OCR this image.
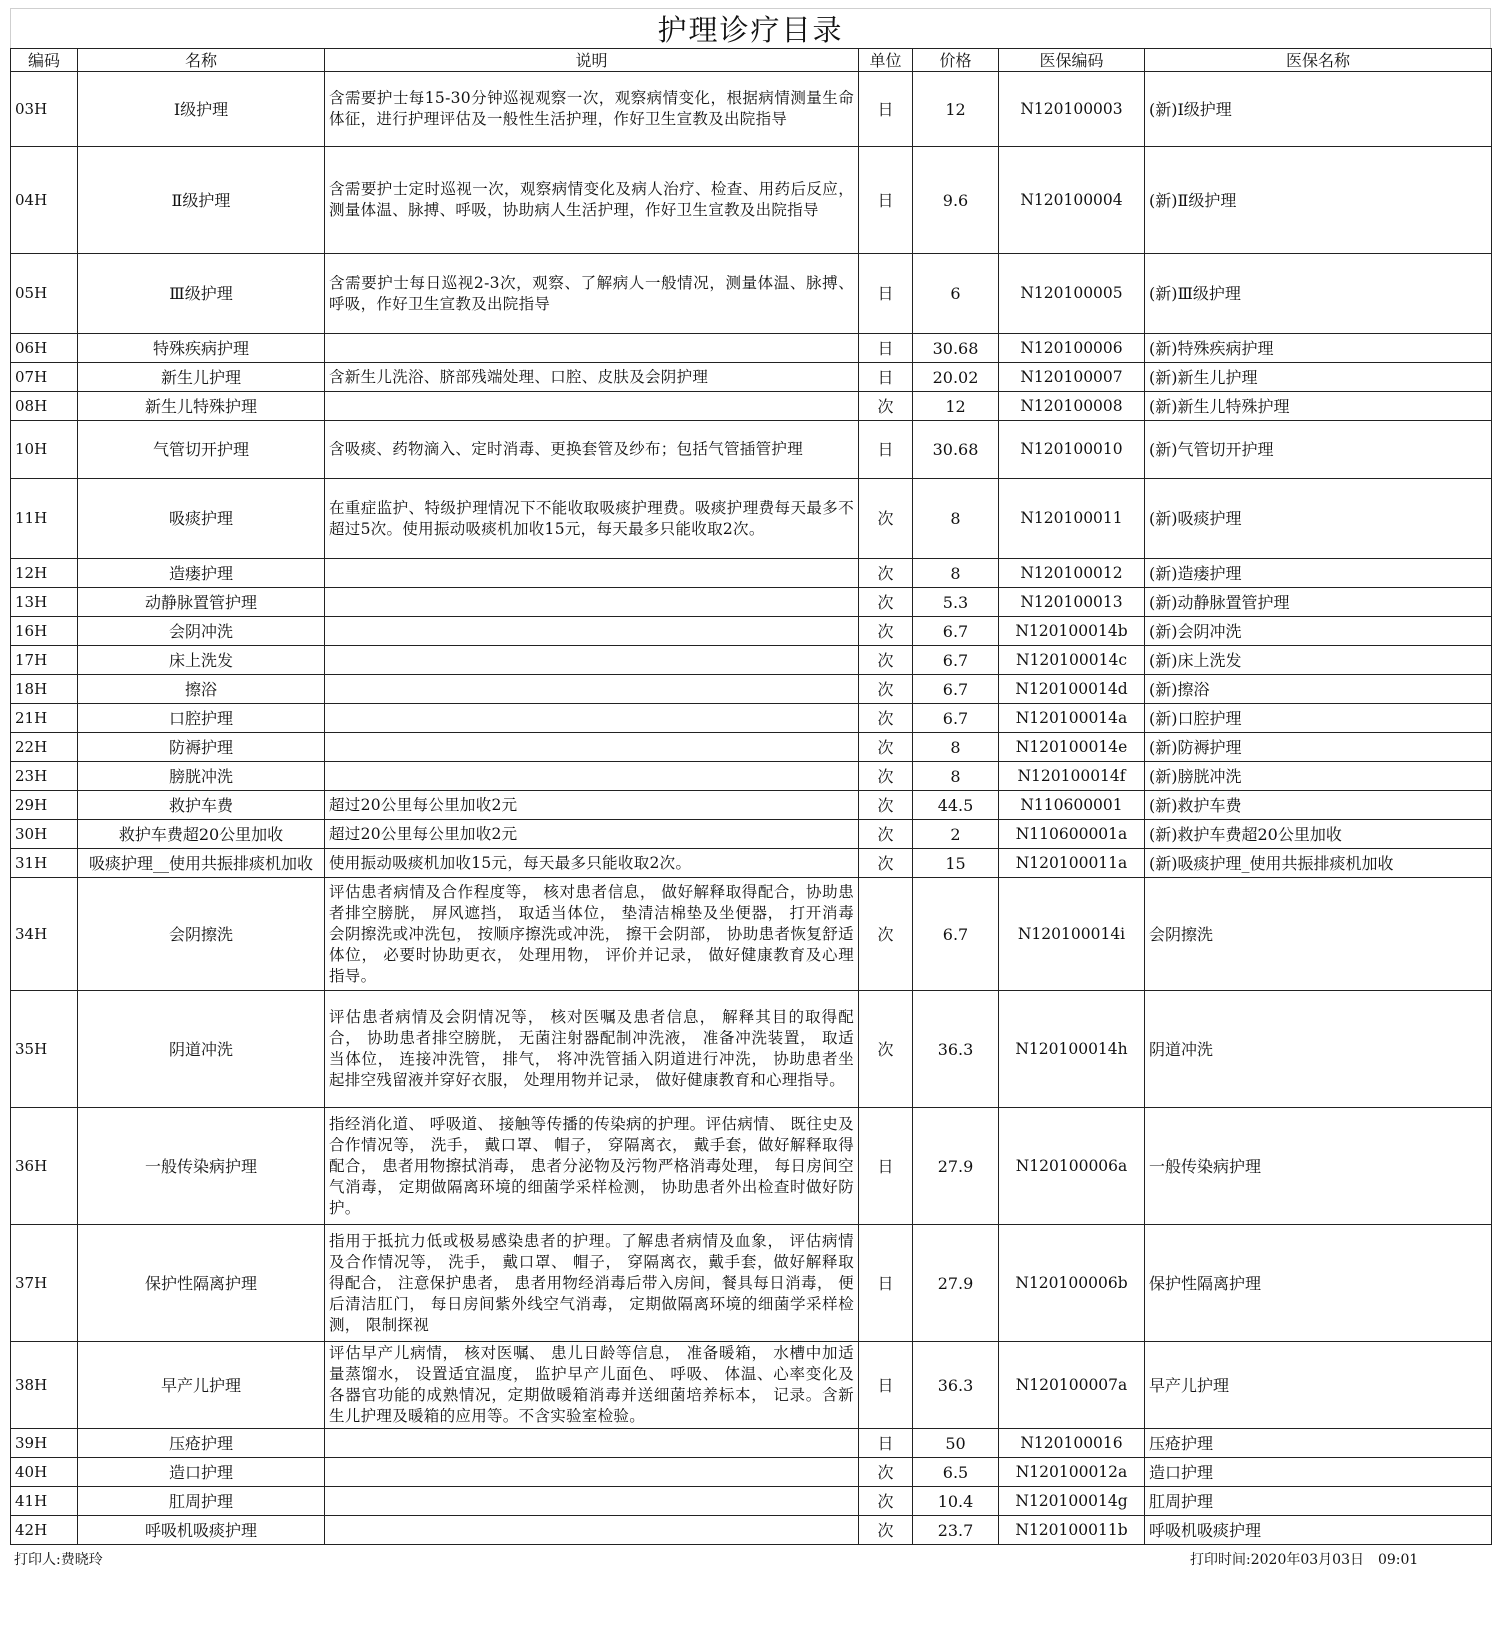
护理诊疗目录
编码	名称	说明	单位	价格	医保编码	医保名称
03H	Ⅰ级护理	含需要护士每15-30分钟巡视观察一次，观察病情变化，根据病情测量生命体征，进行护理评估及一般性生活护理，作好卫生宣教及出院指导	日	12	N120100003	(新)Ⅰ级护理
04H	Ⅱ级护理	含需要护士定时巡视一次，观察病情变化及病人治疗、检查、用药后反应，测量体温、脉搏、呼吸，协助病人生活护理，作好卫生宣教及出院指导	日	9.6	N120100004	(新)Ⅱ级护理
05H	Ⅲ级护理	含需要护士每日巡视2-3次，观察、了解病人一般情况，测量体温、脉搏、呼吸，作好卫生宣教及出院指导	日	6	N120100005	(新)Ⅲ级护理
06H	特殊疾病护理		日	30.68	N120100006	(新)特殊疾病护理
07H	新生儿护理	含新生儿洗浴、脐部残端处理、口腔、皮肤及会阴护理	日	20.02	N120100007	(新)新生儿护理
08H	新生儿特殊护理		次	12	N120100008	(新)新生儿特殊护理
10H	气管切开护理	含吸痰、药物滴入、定时消毒、更换套管及纱布；包括气管插管护理	日	30.68	N120100010	(新)气管切开护理
11H	吸痰护理	在重症监护、特级护理情况下不能收取吸痰护理费。吸痰护理费每天最多不超过5次。使用振动吸痰机加收15元，每天最多只能收取2次。	次	8	N120100011	(新)吸痰护理
12H	造瘘护理		次	8	N120100012	(新)造瘘护理
13H	动静脉置管护理		次	5.3	N120100013	(新)动静脉置管护理
16H	会阴冲洗		次	6.7	N120100014b	(新)会阴冲洗
17H	床上洗发		次	6.7	N120100014c	(新)床上洗发
18H	擦浴		次	6.7	N120100014d	(新)擦浴
21H	口腔护理		次	6.7	N120100014a	(新)口腔护理
22H	防褥护理		次	8	N120100014e	(新)防褥护理
23H	膀胱冲洗		次	8	N120100014f	(新)膀胱冲洗
29H	救护车费	超过20公里每公里加收2元	次	44.5	N110600001	(新)救护车费
30H	救护车费超20公里加收	超过20公里每公里加收2元	次	2	N110600001a	(新)救护车费超20公里加收
31H	吸痰护理__使用共振排痰机加收	使用振动吸痰机加收15元，每天最多只能收取2次。	次	15	N120100011a	(新)吸痰护理_使用共振排痰机加收
34H	会阴擦洗	评估患者病情及合作程度等， 核对患者信息， 做好解释取得配合，协助患者排空膀胱， 屏风遮挡， 取适当体位， 垫清洁棉垫及坐便器， 打开消毒会阴擦洗或冲洗包， 按顺序擦洗或冲洗， 擦干会阴部， 协助患者恢复舒适体位， 必要时协助更衣， 处理用物， 评价并记录， 做好健康教育及心理指导。	次	6.7	N120100014i	会阴擦洗
35H	阴道冲洗	评估患者病情及会阴情况等， 核对医嘱及患者信息， 解释其目的取得配合， 协助患者排空膀胱， 无菌注射器配制冲洗液， 准备冲洗装置， 取适当体位， 连接冲洗管， 排气， 将冲洗管插入阴道进行冲洗， 协助患者坐起排空残留液并穿好衣服， 处理用物并记录， 做好健康教育和心理指导。	次	36.3	N120100014h	阴道冲洗
36H	一般传染病护理	指经消化道、 呼吸道、 接触等传播的传染病的护理。评估病情、 既往史及合作情况等， 洗手， 戴口罩、 帽子， 穿隔离衣， 戴手套，做好解释取得配合， 患者用物擦拭消毒， 患者分泌物及污物严格消毒处理， 每日房间空气消毒， 定期做隔离环境的细菌学采样检测， 协助患者外出检查时做好防护。	日	27.9	N120100006a	一般传染病护理
37H	保护性隔离护理	指用于抵抗力低或极易感染患者的护理。了解患者病情及血象， 评估病情及合作情况等， 洗手， 戴口罩、 帽子， 穿隔离衣，戴手套，做好解释取得配合， 注意保护患者， 患者用物经消毒后带入房间，餐具每日消毒， 便后清洁肛门， 每日房间紫外线空气消毒， 定期做隔离环境的细菌学采样检测， 限制探视	日	27.9	N120100006b	保护性隔离护理
38H	早产儿护理	评估早产儿病情， 核对医嘱、 患儿日龄等信息， 准备暖箱， 水槽中加适量蒸馏水， 设置适宜温度， 监护早产儿面色、 呼吸、 体温、心率变化及各器官功能的成熟情况，定期做暖箱消毒并送细菌培养标本， 记录。含新生儿护理及暖箱的应用等。不含实验室检验。	日	36.3	N120100007a	早产儿护理
39H	压疮护理		日	50	N120100016	压疮护理
40H	造口护理		次	6.5	N120100012a	造口护理
41H	肛周护理		次	10.4	N120100014g	肛周护理
42H	呼吸机吸痰护理		次	23.7	N120100011b	呼吸机吸痰护理
打印人:费晓玲	打印时间:2020年03月03日　09:01
